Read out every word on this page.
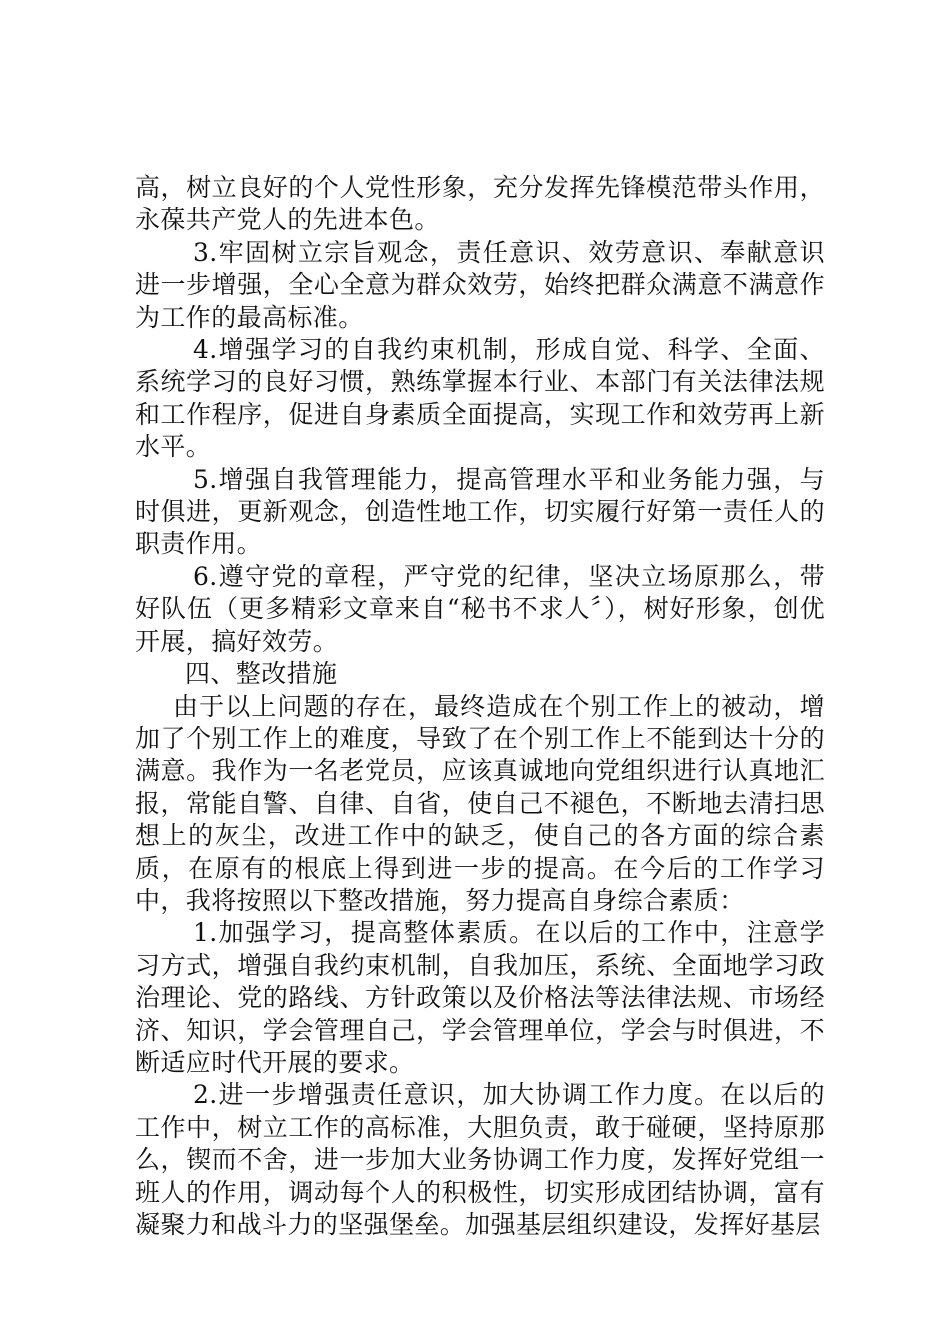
高，树立良好的个人党性形象，充分发挥先锋模范带头作用，永葆共产党人的先进本色。

3.牢固树立宗旨观念，责任意识、效劳意识、奉献意识进一步增强，全心全意为群众效劳，始终把群众满意不满意作为工作的最高标准。

4.增强学习的自我约束机制，形成自觉、科学、全面、系统学习的良好习惯，熟练掌握本行业、本部门有关法律法规和工作程序，促进自身素质全面提高，实现工作和效劳再上新水平。

5.增强自我管理能力，提高管理水平和业务能力强，与时俱进，更新观念，创造性地工作，切实履行好第一责任人的职责作用。

6.遵守党的章程，严守党的纪律，坚决立场原那么，带好队伍（更多精彩文章来自“秘书不求人〞），树好形象，创优开展，搞好效劳。

四、整改措施

由于以上问题的存在，最终造成在个别工作上的被动，增加了个别工作上的难度，导致了在个别工作上不能到达十分的满意。我作为一名老党员，应该真诚地向党组织进行认真地汇报，常能自警、自律、自省，使自己不褪色，不断地去清扫思想上的灰尘，改进工作中的缺乏，使自己的各方面的综合素质，在原有的根底上得到进一步的提高。在今后的工作学习中，我将按照以下整改措施，努力提高自身综合素质：

1.加强学习，提高整体素质。在以后的工作中，注意学习方式，增强自我约束机制，自我加压，系统、全面地学习政治理论、党的路线、方针政策以及价格法等法律法规、市场经济、知识，学会管理自己，学会管理单位，学会与时俱进，不断适应时代开展的要求。

2.进一步增强责任意识，加大协调工作力度。在以后的工作中，树立工作的高标准，大胆负责，敢于碰硬，坚持原那么，锲而不舍，进一步加大业务协调工作力度，发挥好党组一班人的作用，调动每个人的积极性，切实形成团结协调，富有凝聚力和战斗力的坚强堡垒。加强基层组织建设，发挥好基层
